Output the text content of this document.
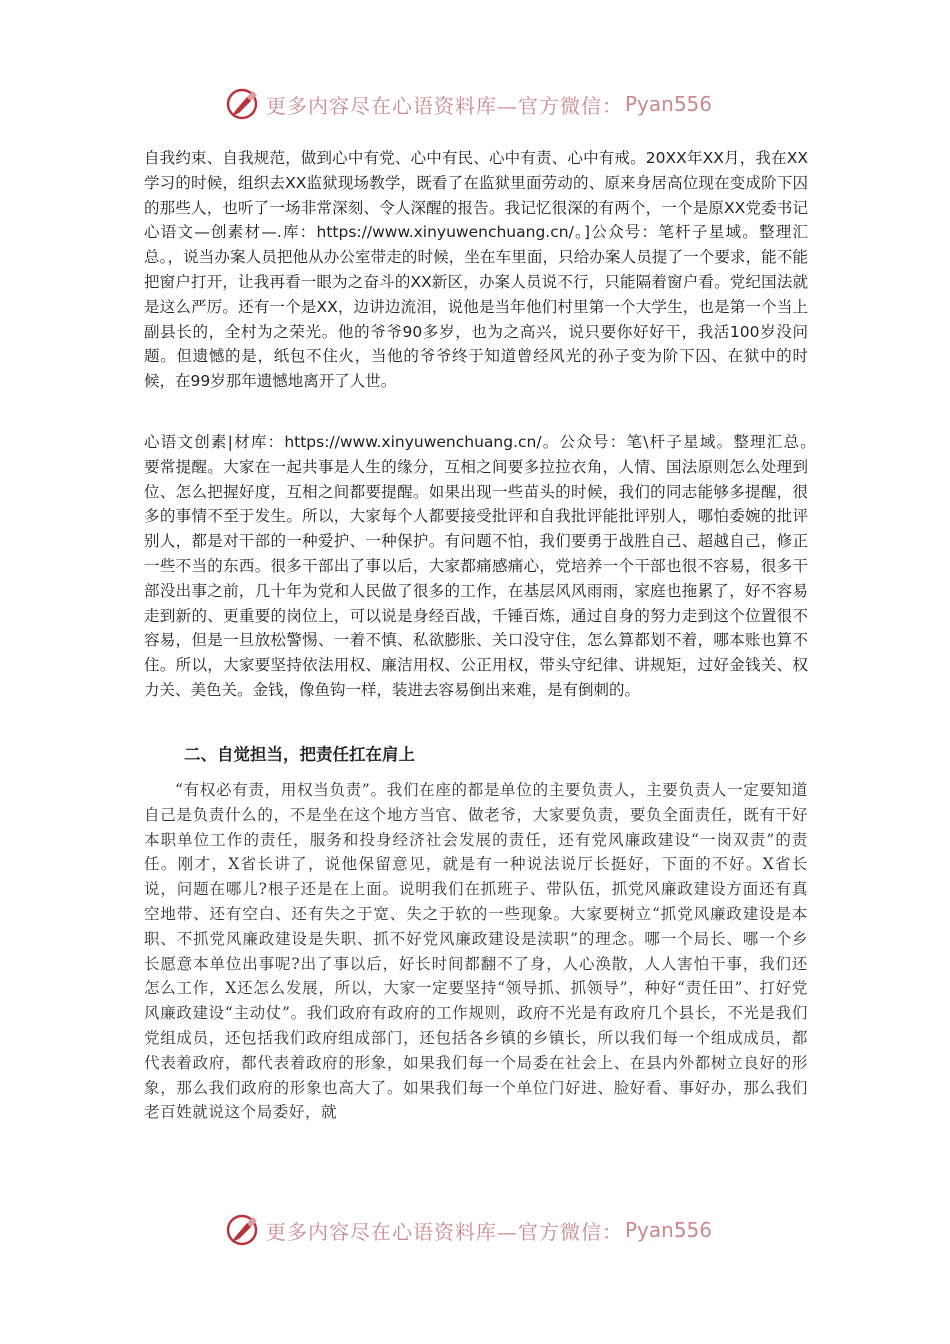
更多内容尽在心语资料库—官方微信： Pyan556

自我约束、自我规范，做到心中有党、心中有民、心中有责、心中有戒。20XX年XX月，我在XX学习的时候，组织去XX监狱现场教学，既看了在监狱里面劳动的、原来身居高位现在变成阶下囚的那些人，也听了一场非常深刻、令人深醒的报告。我记忆很深的有两个，一个是原XX党委书记心语文—创素材—.库：https://www.xinyuwenchuang.cn/。]公众号：笔杆子星域。整理汇总。，说当办案人员把他从办公室带走的时候，坐在车里面，只给办案人员提了一个要求，能不能把窗户打开，让我再看一眼为之奋斗的XX新区，办案人员说不行，只能隔着窗户看。党纪国法就是这么严厉。还有一个是XX，边讲边流泪，说他是当年他们村里第一个大学生，也是第一个当上副县长的，全村为之荣光。他的爷爷90多岁，也为之高兴，说只要你好好干，我活100岁没问题。但遗憾的是，纸包不住火，当他的爷爷终于知道曾经风光的孙子变为阶下囚、在狱中的时候，在99岁那年遗憾地离开了人世。

心语文创素|材库：https://www.xinyuwenchuang.cn/。公众号：笔\杆子星域。整理汇总。　　要常提醒。大家在一起共事是人生的缘分，互相之间要多拉拉衣角，人情、国法原则怎么处理到位、怎么把握好度，互相之间都要提醒。如果出现一些苗头的时候，我们的同志能够多提醒，很多的事情不至于发生。所以，大家每个人都要接受批评和自我批评能批评别人，哪怕委婉的批评别人，都是对干部的一种爱护、一种保护。有问题不怕，我们要勇于战胜自己、超越自己，修正一些不当的东西。很多干部出了事以后，大家都痛感痛心，党培养一个干部也很不容易，很多干部没出事之前，几十年为党和人民做了很多的工作，在基层风风雨雨，家庭也拖累了，好不容易走到新的、更重要的岗位上，可以说是身经百战，千锤百炼，通过自身的努力走到这个位置很不容易，但是一旦放松警惕、一着不慎、私欲膨胀、关口没守住，怎么算都划不着，哪本账也算不住。所以，大家要坚持依法用权、廉洁用权、公正用权，带头守纪律、讲规矩，过好金钱关、权力关、美色关。金钱，像鱼钩一样，装进去容易倒出来难，是有倒刺的。

二、自觉担当，把责任扛在肩上

“有权必有责，用权当负责”。我们在座的都是单位的主要负责人，主要负责人一定要知道自己是负责什么的，不是坐在这个地方当官、做老爷，大家要负责，要负全面责任，既有干好本职单位工作的责任，服务和投身经济社会发展的责任，还有党风廉政建设“一岗双责”的责任。刚才，X省长讲了，说他保留意见，就是有一种说法说厅长挺好，下面的不好。X省长说，问题在哪儿?根子还是在上面。说明我们在抓班子、带队伍，抓党风廉政建设方面还有真空地带、还有空白、还有失之于宽、失之于软的一些现象。大家要树立“抓党风廉政建设是本职、不抓党风廉政建设是失职、抓不好党风廉政建设是渎职”的理念。哪一个局长、哪一个乡长愿意本单位出事呢?出了事以后，好长时间都翻不了身，人心涣散，人人害怕干事，我们还怎么工作，X还怎么发展，所以，大家一定要坚持“领导抓、抓领导”，种好“责任田”、打好党风廉政建设“主动仗”。我们政府有政府的工作规则，政府不光是有政府几个县长，不光是我们党组成员，还包括我们政府组成部门，还包括各乡镇的乡镇长，所以我们每一个组成成员，都代表着政府，都代表着政府的形象，如果我们每一个局委在社会上、在县内外都树立良好的形象，那么我们政府的形象也高大了。如果我们每一个单位门好进、脸好看、事好办，那么我们老百姓就说这个局委好，就

更多内容尽在心语资料库—官方微信： Pyan556
